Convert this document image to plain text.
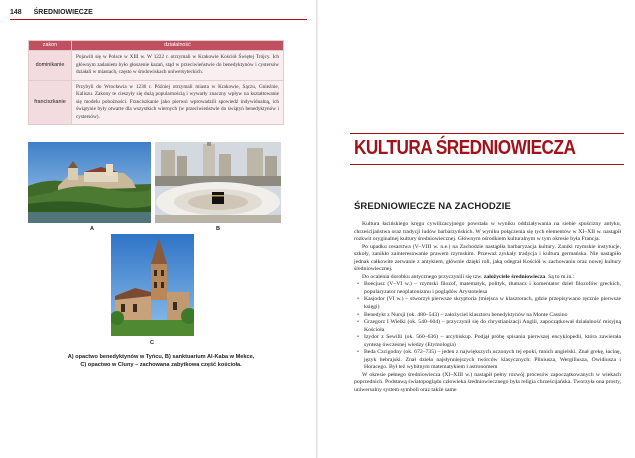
148 ŚREDNIOWIECZE
zakon	działalność
dominikanie	Pojawili się w Polsce w XIII w. W 1222 r. otrzymali w Krakowie Kościół Świętej Trójcy. Ich głównym zadaniem było głoszenie kazań, stąd w przeciwieństwie do benedyktynów i cystersów działali w miastach, często w środowiskach uniwersyteckich.
franciszkanie	Przybyli do Wrocławia w 1236 r. Później otrzymali miasta w Krakowie, Sączu, Gnieźnie, Kaliszu. Zakony te cieszyły się dużą popularnością i wywarły znaczny wpływ na kształtowanie się modelu pobożności. Franciszkanie jako pierwsi wprowadzili spowiedź indywidualną, ich świątynie były otwarte dla wszystkich wiernych (w przeciwieństwie do świątyń benedyktynów i cystersów).
A	B
C
A) opactwo benedyktynów w Tyńcu, B) sanktuarium Al-Kaba w Mekce,
C) opactwo w Cluny – zachowana zabytkowa część kościoła.
KULTURA ŚREDNIOWIECZA
ŚREDNIOWIECZE NA ZACHODZIE

Kultura łacińskiego kręgu cywilizacyjnego powstała w wyniku oddziaływania na siebie spuścizny antyku, chrześcijaństwa oraz tradycji ludów barbarzyńskich. W wyniku połączenia się tych elementów w XI–XII w. nastąpił rozkwit oryginalnej kultury średniowiecznej. Głównym ośrodkiem kulturalnym w tym okresie była Francja.

Po upadku cesarstwa (V–VIII w. n.e.) na Zachodzie nastąpiła barbaryzacja kultury. Zaniki rzymskie instytucje, szkoły, zanikło zainteresowanie prawem rzymskim. Przeważ zyskały tradycja i kultura germańska. Nie nastąpiło jednak całkowite zerwanie z antykiem, głównie dzięki roli, jaką odegrał Kościół w zachowaniu oraz nowej kultury średniowiecznej.

Do ocalenia dorobku antycznego przyczynili się tzw. założyciele średniowiecza. Są to m.in.:

• Boecjusz (V–VI w.) – rzymski filozof, matematyk, polityk, tłumacz i komentator dzieł filozofów greckich, popularyzator neoplatonizmu i poglądów Arystotelesa
• Kasjodor (VI w.) – stworzył pierwsze skryptoria (miejsca w klasztorach, gdzie przepisywano ręcznie pierwsze księgi)
• Benedykt z Nursji (ok. 480–543) – założyciel klasztoru benedyktynów na Monte Cassino
• Grzegorz I Wielki (ok. 540–604) – przyczynił się do chrystianizacji Anglii, zapoczątkował działalność misyjną Kościoła
• Izydor z Sewilli (ok. 560–636) – arcybiskup. Podjął próbę spisania pierwszej encyklopedii, która zawierała syntezę ówczesnej wiedzy (Etymologia)
• Beda Czcigodny (ok. 672–735) – jeden z największych uczonych tej epoki, mnich angielski. Znał grekę, łacinę, język hebrajski. Znał dzieła najsłynniejszych twórców klasycznych: Pliniusza, Wergiliusza, Owidiusza i Horacego. Był też wybitnym matematykiem i astronomem

W okresie pełnego średniowiecza (XI–XIII w.) nastąpił pełny rozwój procesów zapoczątkowanych w wiekach poprzednich. Podstawą światopoglądu człowieka średniowiecznego była religia chrześcijańska. Tworzyła ona prosty, uniwersalny system symboli oraz także same
